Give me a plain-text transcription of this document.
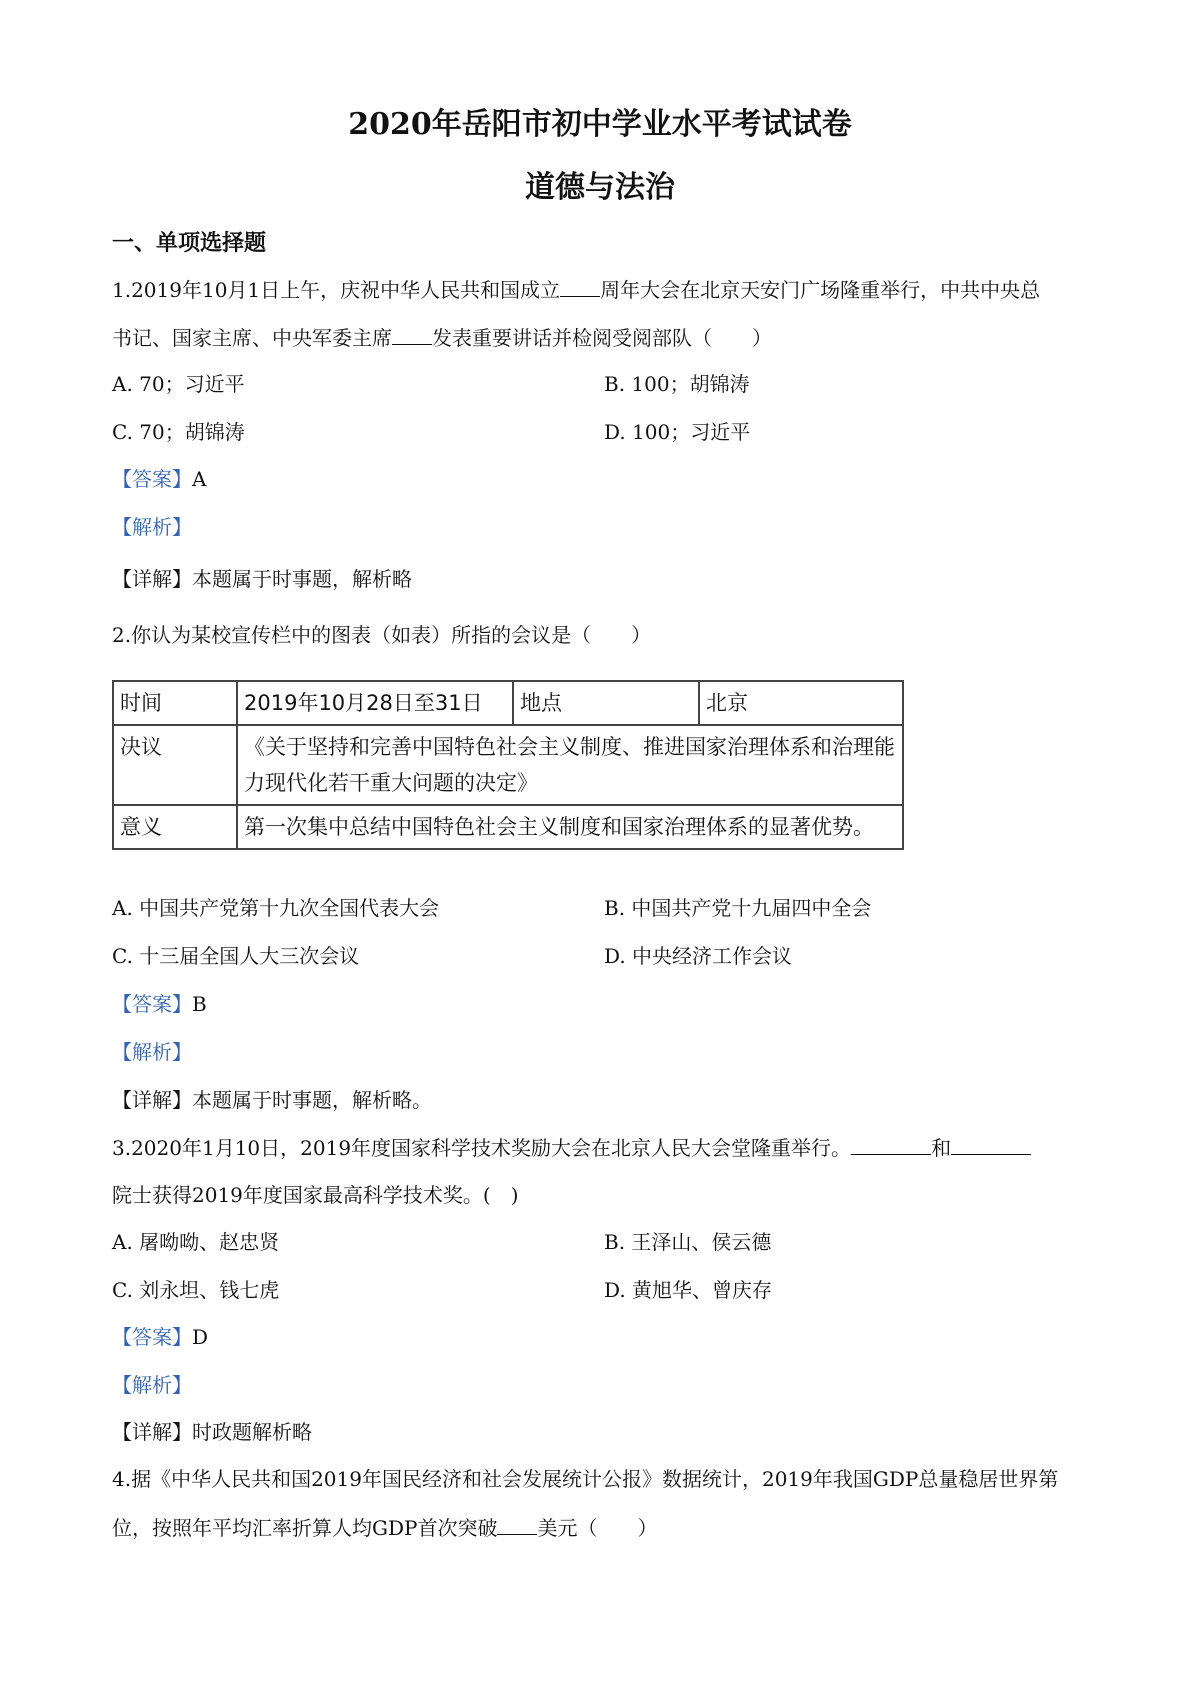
2020年岳阳市初中学业水平考试试卷
道德与法治
一、单项选择题
1.2019年10月1日上午，庆祝中华人民共和国成立 周年大会在北京天安门广场隆重举行，中共中央总
书记、国家主席、中央军委主席 发表重要讲话并检阅受阅部队（　　）
A. 70；习近平	B. 100；胡锦涛
C. 70；胡锦涛	D. 100；习近平
【答案】A
【解析】
【详解】本题属于时事题，解析略
2.你认为某校宣传栏中的图表（如表）所指的会议是（　　）
时间	2019年10月28日至31日	地点	北京
决议	《关于坚持和完善中国特色社会主义制度、推进国家治理体系和治理能力现代化若干重大问题的决定》		
意义	第一次集中总结中国特色社会主义制度和国家治理体系的显著优势。		
A. 中国共产党第十九次全国代表大会	B. 中国共产党十九届四中全会
C. 十三届全国人大三次会议	D. 中央经济工作会议
【答案】B
【解析】
【详解】本题属于时事题，解析略。
3.2020年1月10日，2019年度国家科学技术奖励大会在北京人民大会堂隆重举行。	和
院士获得2019年度国家最高科学技术奖。(　)
A. 屠呦呦、赵忠贤	B. 王泽山、侯云德
C. 刘永坦、钱七虎	D. 黄旭华、曾庆存
【答案】D
【解析】
【详解】时政题解析略
4.据《中华人民共和国2019年国民经济和社会发展统计公报》数据统计，2019年我国GDP总量稳居世界第
位，按照年平均汇率折算人均GDP首次突破 美元（　　）
